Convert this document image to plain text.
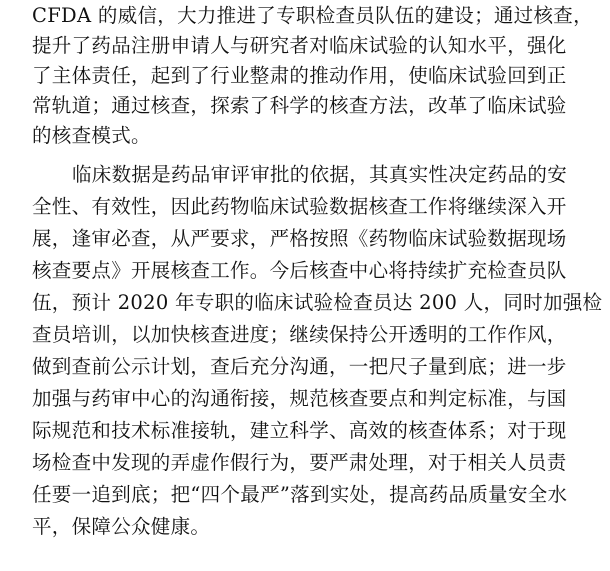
CFDA 的威信，大力推进了专职检查员队伍的建设；通过核查，

提升了药品注册申请人与研究者对临床试验的认知水平，强化

了主体责任，起到了行业整肃的推动作用，使临床试验回到正

常轨道；通过核查，探索了科学的核查方法，改革了临床试验

的核查模式。

临床数据是药品审评审批的依据，其真实性决定药品的安

全性、有效性，因此药物临床试验数据核查工作将继续深入开

展，逢审必查，从严要求，严格按照《药物临床试验数据现场

核查要点》开展核查工作。今后核查中心将持续扩充检查员队

伍，预计 2020 年专职的临床试验检查员达 200 人，同时加强检

查员培训，以加快核查进度；继续保持公开透明的工作作风，

做到查前公示计划，查后充分沟通，一把尺子量到底；进一步

加强与药审中心的沟通衔接，规范核查要点和判定标准，与国

际规范和技术标准接轨，建立科学、高效的核查体系；对于现

场检查中发现的弄虚作假行为，要严肃处理，对于相关人员责

任要一追到底；把“四个最严”落到实处，提高药品质量安全水

平，保障公众健康。
